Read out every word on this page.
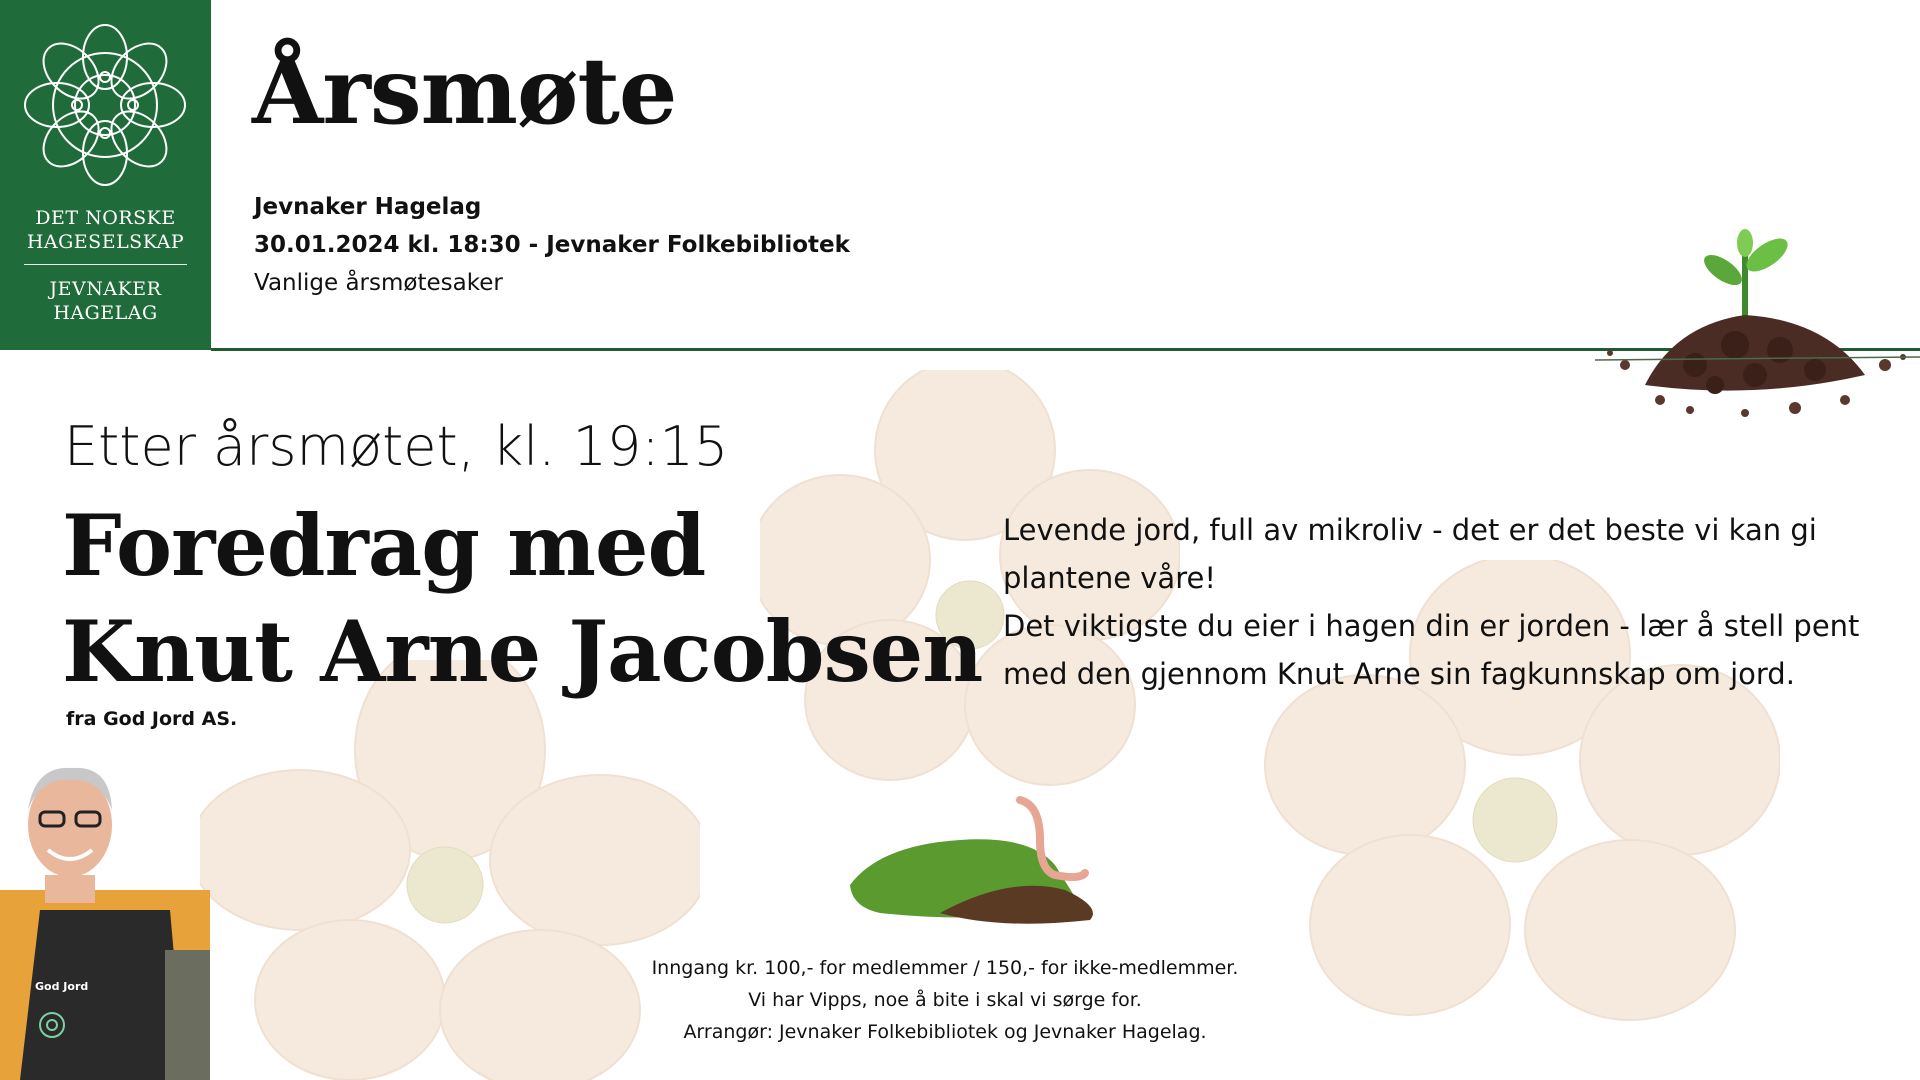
DET NORSKE
HAGESELSKAP
JEVNAKER
HAGELAG
Årsmøte
Jevnaker Hagelag
30.01.2024 kl. 18:30 - Jevnaker Folkebibliotek
Vanlige årsmøtesaker
Etter årsmøtet, kl. 19:15
Foredrag med
Knut Arne Jacobsen
fra God Jord AS.
Levende jord, full av mikroliv - det er det beste vi kan gi
plantene våre!
Det viktigste du eier i hagen din er jorden - lær å stell pent
med den gjennom Knut Arne sin fagkunnskap om jord.
God Jord
Inngang kr. 100,- for medlemmer / 150,- for ikke-medlemmer.
Vi har Vipps, noe å bite i skal vi sørge for.
Arrangør: Jevnaker Folkebibliotek og Jevnaker Hagelag.
